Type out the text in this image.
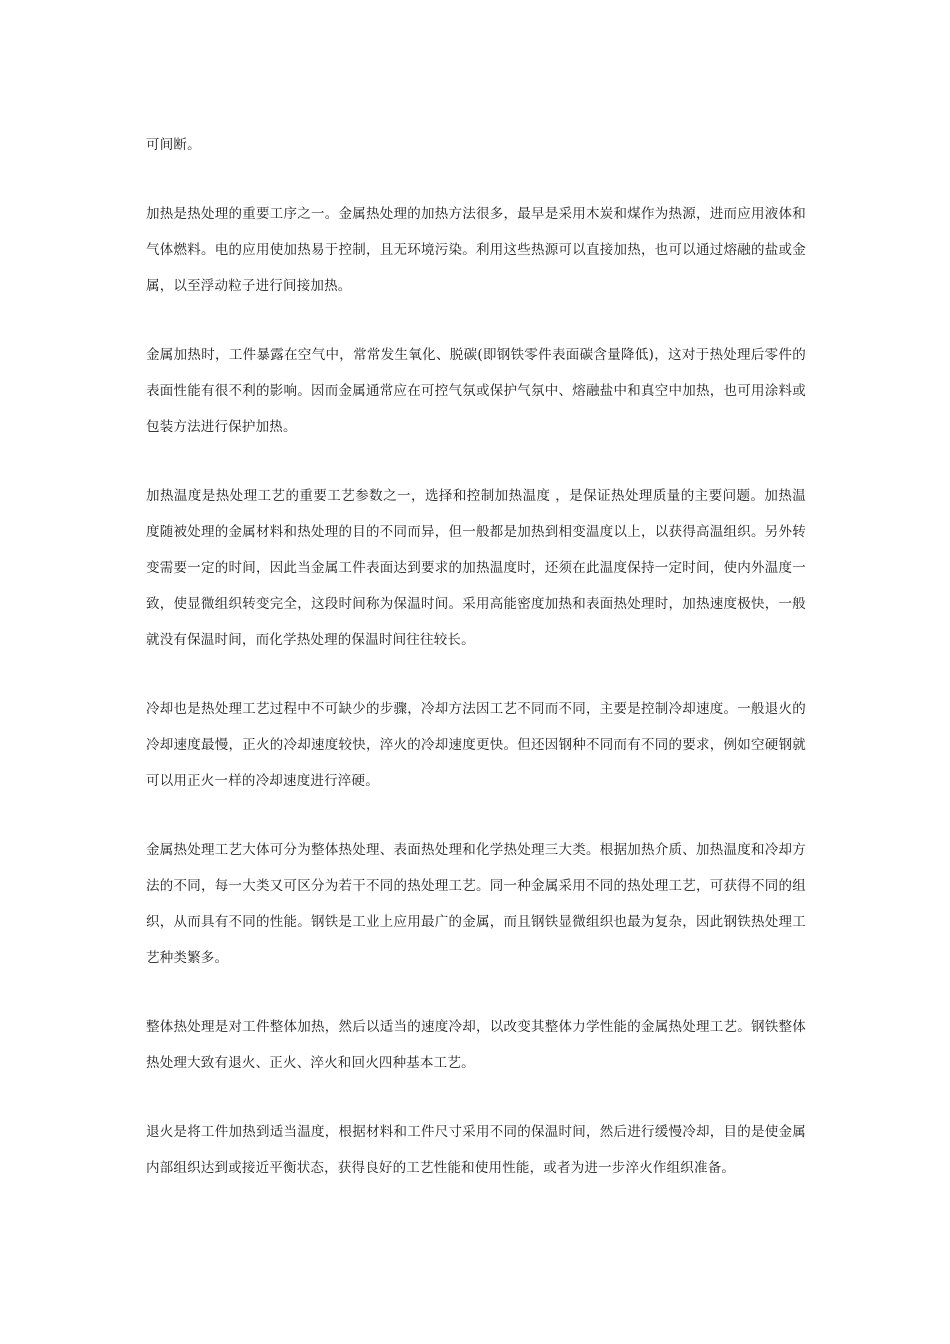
可间断。

加热是热处理的重要工序之一。金属热处理的加热方法很多，最早是采用木炭和煤作为热源，进而应用液体和气体燃料。电的应用使加热易于控制，且无环境污染。利用这些热源可以直接加热，也可以通过熔融的盐或金属，以至浮动粒子进行间接加热。

金属加热时，工件暴露在空气中，常常发生氧化、脱碳(即钢铁零件表面碳含量降低)，这对于热处理后零件的表面性能有很不利的影响。因而金属通常应在可控气氛或保护气氛中、熔融盐中和真空中加热，也可用涂料或包装方法进行保护加热。

加热温度是热处理工艺的重要工艺参数之一，选择和控制加热温度 ，是保证热处理质量的主要问题。加热温度随被处理的金属材料和热处理的目的不同而异，但一般都是加热到相变温度以上，以获得高温组织。另外转变需要一定的时间，因此当金属工件表面达到要求的加热温度时，还须在此温度保持一定时间，使内外温度一致，使显微组织转变完全，这段时间称为保温时间。采用高能密度加热和表面热处理时，加热速度极快，一般就没有保温时间，而化学热处理的保温时间往往较长。

冷却也是热处理工艺过程中不可缺少的步骤，冷却方法因工艺不同而不同，主要是控制冷却速度。一般退火的冷却速度最慢，正火的冷却速度较快，淬火的冷却速度更快。但还因钢种不同而有不同的要求，例如空硬钢就可以用正火一样的冷却速度进行淬硬。

金属热处理工艺大体可分为整体热处理、表面热处理和化学热处理三大类。根据加热介质、加热温度和冷却方法的不同，每一大类又可区分为若干不同的热处理工艺。同一种金属采用不同的热处理工艺，可获得不同的组织，从而具有不同的性能。钢铁是工业上应用最广的金属，而且钢铁显微组织也最为复杂，因此钢铁热处理工艺种类繁多。

整体热处理是对工件整体加热，然后以适当的速度冷却，以改变其整体力学性能的金属热处理工艺。钢铁整体热处理大致有退火、正火、淬火和回火四种基本工艺。

退火是将工件加热到适当温度，根据材料和工件尺寸采用不同的保温时间，然后进行缓慢冷却，目的是使金属内部组织达到或接近平衡状态，获得良好的工艺性能和使用性能，或者为进一步淬火作组织准备。
